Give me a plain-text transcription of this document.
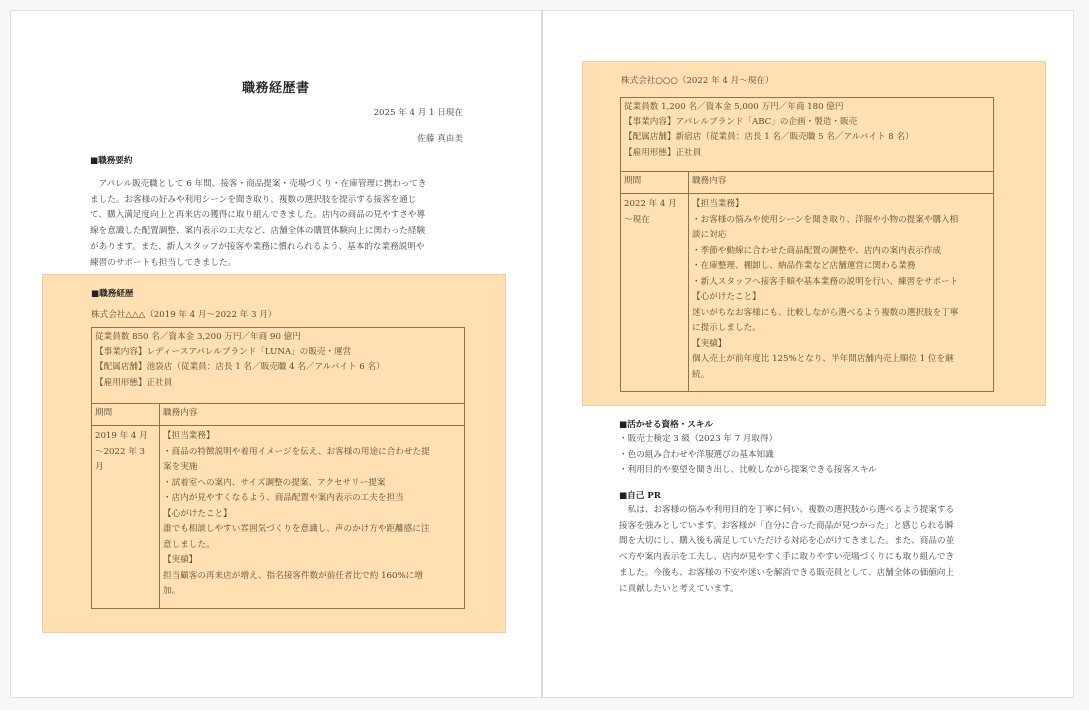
職務経歴書
2025 年 4 月 1 日現在
佐藤 真由美
■職務要約

　アパレル販売職として 6 年間、接客・商品提案・売場づくり・在庫管理に携わってき

ました。お客様の好みや利用シーンを聞き取り、複数の選択肢を提示する接客を通じ

て、購入満足度向上と再来店の獲得に取り組んできました。店内の商品の見やすさや導

線を意識した配置調整、案内表示の工夫など、店舗全体の購買体験向上に関わった経験

があります。また、新人スタッフが接客や業務に慣れられるよう、基本的な業務説明や

練習のサポートも担当してきました。

■職務経歴
株式会社△△△（2019 年 4 月～2022 年 3 月）

従業員数 850 名／資本金 3,200 万円／年商 90 億円

【事業内容】レディースアパレルブランド「LUNA」の販売・運営

【配属店舗】池袋店（従業員：店長 1 名／販売職 4 名／アルバイト 6 名）

【雇用形態】正社員

期間	職務内容

2019 年 4 月

～2022 年 3

月

【担当業務】

・商品の特徴説明や着用イメージを伝え、お客様の用途に合わせた提

案を実施

・試着室への案内、サイズ調整の提案、アクセサリー提案

・店内が見やすくなるよう、商品配置や案内表示の工夫を担当

【心がけたこと】

誰でも相談しやすい雰囲気づくりを意識し、声のかけ方や距離感に注

意しました。

【実績】

担当顧客の再来店が増え、指名接客件数が前任者比で約 160%に増

加。

株式会社○○○（2022 年 4 月～現在）

従業員数 1,200 名／資本金 5,000 万円／年商 180 億円

【事業内容】アパレルブランド「ABC」の企画・製造・販売

【配属店舗】新宿店（従業員：店長 1 名／販売職 5 名／アルバイト 8 名）

【雇用形態】正社員

期間	職務内容

2022 年 4 月

～現在

【担当業務】

・お客様の悩みや使用シーンを聞き取り、洋服や小物の提案や購入相

談に対応

・季節や動線に合わせた商品配置の調整や、店内の案内表示作成

・在庫整理、棚卸し、納品作業など店舗運営に関わる業務

・新人スタッフへ接客手順や基本業務の説明を行い、練習をサポート

【心がけたこと】

迷いがちなお客様にも、比較しながら選べるよう複数の選択肢を丁寧

に提示しました。

【実績】

個人売上が前年度比 125%となり、半年間店舗内売上順位 1 位を継

続。

■活かせる資格・スキル

・販売士検定 3 級（2023 年 7 月取得）

・色の組み合わせや洋服選びの基本知識

・利用目的や要望を聞き出し、比較しながら提案できる接客スキル

■自己 PR

　私は、お客様の悩みや利用目的を丁寧に伺い、複数の選択肢から選べるよう提案する

接客を強みとしています。お客様が「自分に合った商品が見つかった」と感じられる瞬

間を大切にし、購入後も満足していただける対応を心がけてきました。また、商品の並

べ方や案内表示を工夫し、店内が見やすく手に取りやすい売場づくりにも取り組んでき

ました。今後も、お客様の不安や迷いを解消できる販売員として、店舗全体の価値向上

に貢献したいと考えています。
